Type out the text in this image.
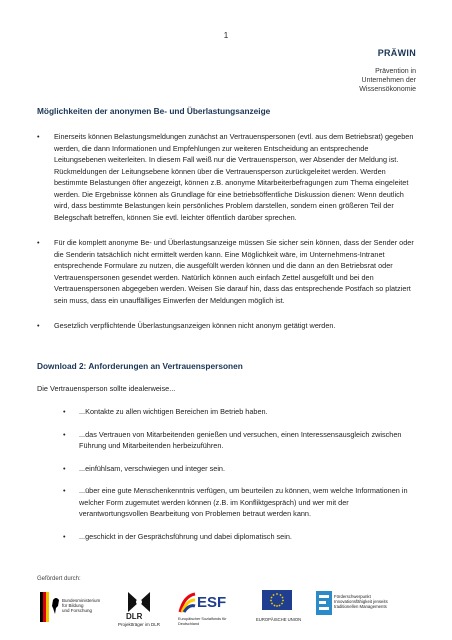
1
PRÄWIN
Prävention in
Unternehmen der
Wissensökonomie
Möglichkeiten der anonymen Be- und Überlastungsanzeige
• Einerseits können Belastungsmeldungen zunächst an Vertrauenspersonen (evtl. aus dem Betriebsrat) gegeben werden, die dann Informationen und Empfehlungen zur weiteren Entscheidung an entsprechende Leitungsebenen weiterleiten. In diesem Fall weiß nur die Vertrauensperson, wer Absender der Meldung ist. Rückmeldungen der Leitungsebene können über die Vertrauensperson zurückgeleitet werden. Werden bestimmte Belastungen öfter angezeigt, können z.B. anonyme Mitarbeiterbefragungen zum Thema eingeleitet werden. Die Ergebnisse können als Grundlage für eine betriebsöffentliche Diskussion dienen: Wenn deutlich wird, dass bestimmte Belastungen kein persönliches Problem darstellen, sondern einen größeren Teil der Belegschaft betreffen, können Sie evtl. leichter öffentlich darüber sprechen.
• Für die komplett anonyme Be- und Überlastungsanzeige müssen Sie sicher sein können, dass der Sender oder die Senderin tatsächlich nicht ermittelt werden kann. Eine Möglichkeit wäre, im Unternehmens-Intranet entsprechende Formulare zu nutzen, die ausgefüllt werden können und die dann an den Betriebsrat oder Vertrauenspersonen gesendet werden. Natürlich können auch einfach Zettel ausgefüllt und bei den Vertrauenspersonen abgegeben werden. Weisen Sie darauf hin, dass das entsprechende Postfach so platziert sein muss, dass ein unauffälliges Einwerfen der Meldungen möglich ist.
• Gesetzlich verpflichtende Überlastungsanzeigen können nicht anonym getätigt werden.
Download 2: Anforderungen an Vertrauenspersonen

Die Vertrauensperson sollte idealerweise...

• ...Kontakte zu allen wichtigen Bereichen im Betrieb haben.
• ...das Vertrauen von Mitarbeitenden genießen und versuchen, einen Interessensausgleich zwischen Führung und Mitarbeitenden herbeizuführen.
• ...einfühlsam, verschwiegen und integer sein.
• ...über eine gute Menschenkenntnis verfügen, um beurteilen zu können, wem welche Informationen in welcher Form zugemutet werden können (z.B. im Konfliktgespräch) und wer mit der verantwortungsvollen Bearbeitung von Problemen betraut werden kann.
• ...geschickt in der Gesprächsführung und dabei diplomatisch sein.
Gefördert durch:
Bundesministerium
für Bildung
und Forschung
DLR
Projektträger im DLR
ESF
Europäischer Sozialfonds für Deutschland
EUROPÄISCHE UNION
Förderschwerpunkt
Innovationsfähigkeit jenseits
traditionellen Managements
